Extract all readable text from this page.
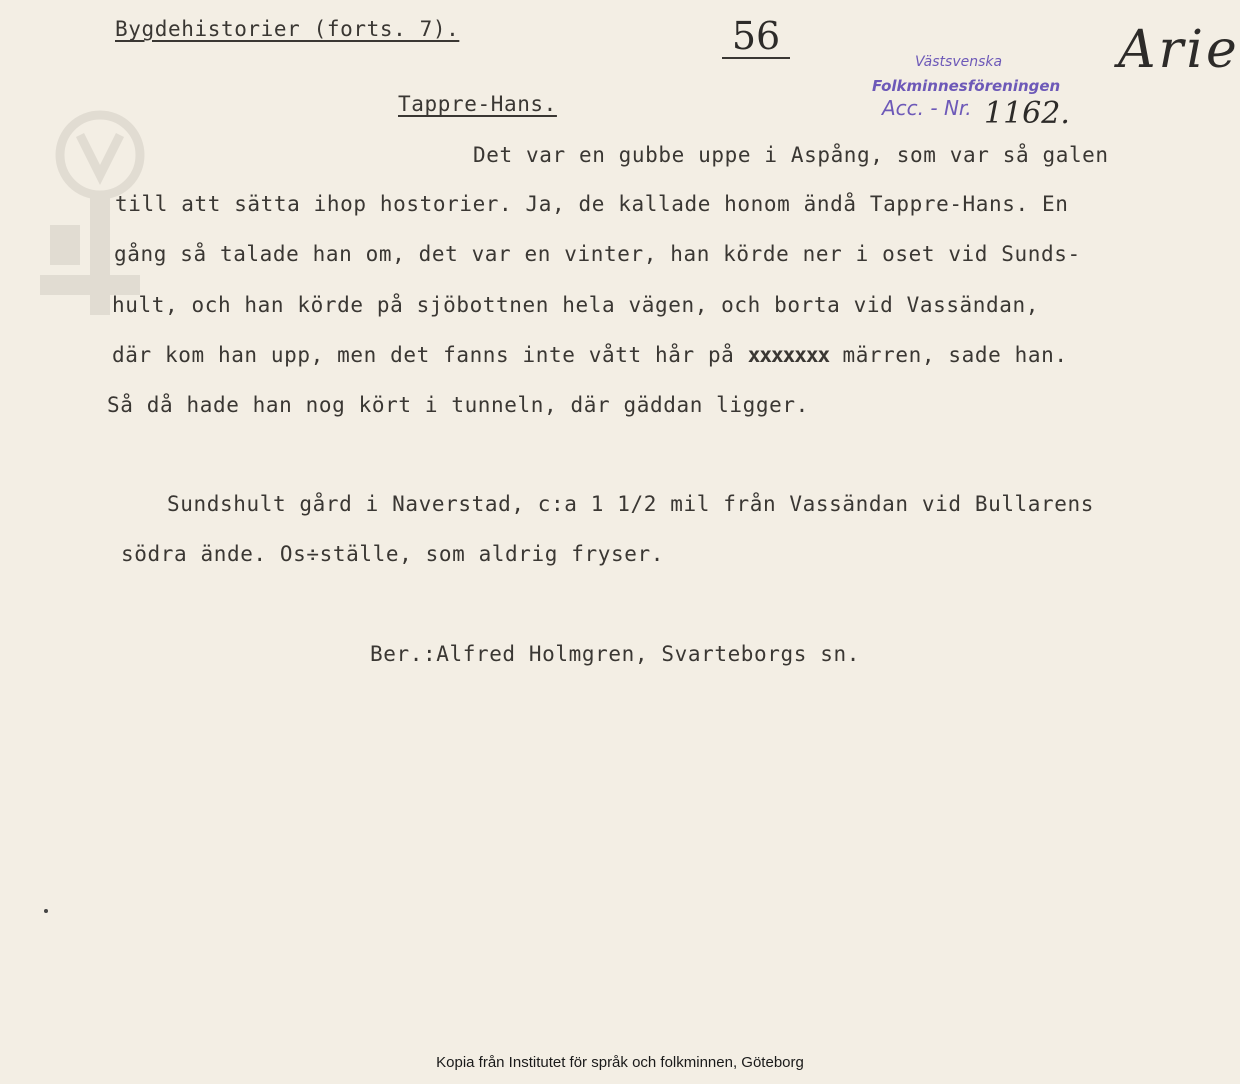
Bygdehistorier (forts. 7).	56	Arie
Västsvenska
Folkminnesföreningen
Acc. - Nr. 1162.
Tappre-Hans.
Det var en gubbe uppe i Aspång, som var så galen
till att sätta ihop hostorier. Ja, de kallade honom ändå Tappre-Hans. En
gång så talade han om, det var en vinter, han körde ner i oset vid Sunds-
hult, och han körde på sjöbottnen hela vägen, och borta vid Vassändan,
där kom han upp, men det fanns inte vått hår på xxxxxxx märren, sade han.
Så då hade han nog kört i tunneln, där gäddan ligger.
Sundshult gård i Naverstad, c:a 1 1/2 mil från Vassändan vid Bullarens
södra ände. Os÷ställe, som aldrig fryser.
Ber.:Alfred Holmgren, Svarteborgs sn.
Kopia från Institutet för språk och folkminnen, Göteborg
